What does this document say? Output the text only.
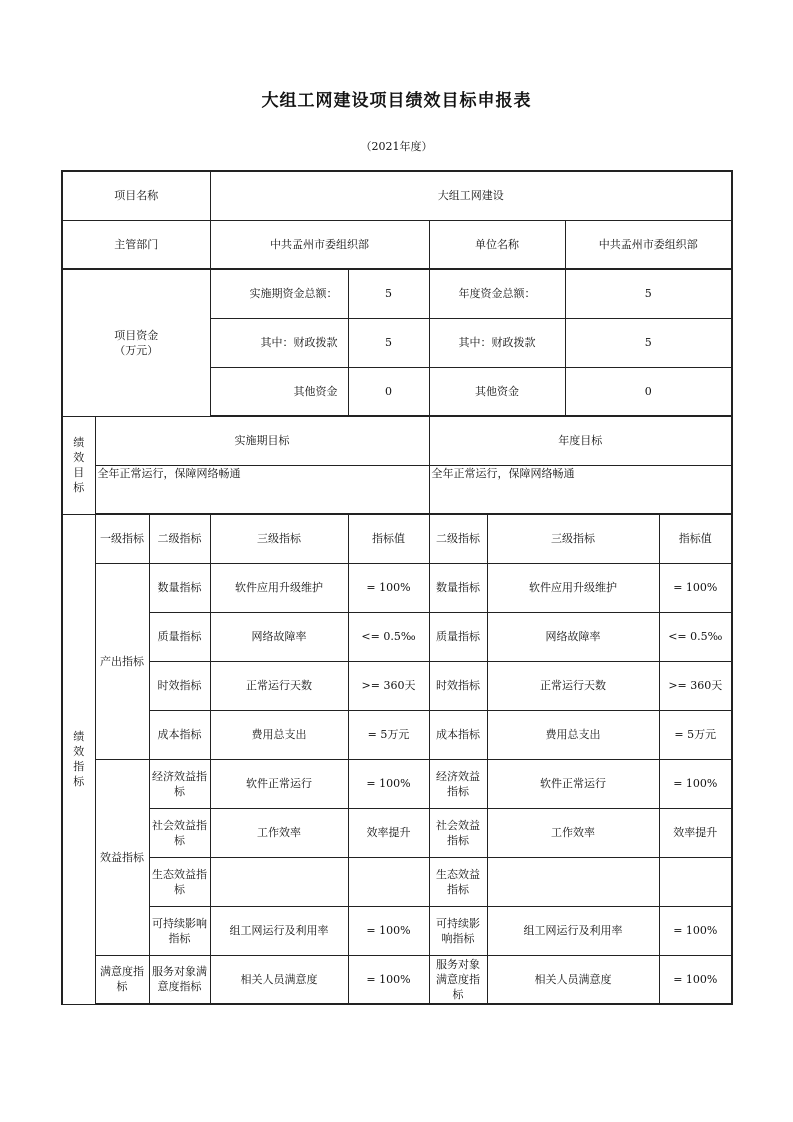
大组工网建设项目绩效目标申报表
（2021年度）
项目名称			大组工网建设					
主管部门			中共孟州市委组织部		单位名称		中共孟州市委组织部	

项目资金
（万元）			实施期资金总额：	5	年度资金总额：		5	
			其中：财政拨款	5	其中：财政拨款		5	
			其他资金	0	其他资金		0	

绩
效
目
标	实施期目标				年度目标			
	全年正常运行，保障网络畅通				全年正常运行，保障网络畅通			

绩
效
指
标	一级指标	二级指标	三级指标	指标值	二级指标	三级指标		指标值
	产出指标	数量指标	软件应用升级维护	= 100%	数量指标	软件应用升级维护		= 100%
		质量指标	网络故障率	<= 0.5‰	质量指标	网络故障率		<= 0.5‰
		时效指标	正常运行天数	>= 360天	时效指标	正常运行天数		>= 360天
		成本指标	费用总支出	= 5万元	成本指标	费用总支出		= 5万元
	效益指标	经济效益指标	软件正常运行	= 100%	经济效益指标	软件正常运行		= 100%
		社会效益指标	工作效率	效率提升	社会效益指标	工作效率		效率提升
		生态效益指标			生态效益指标			
		可持续影响指标	组工网运行及利用率	= 100%	可持续影响指标	组工网运行及利用率		= 100%
	满意度指标	服务对象满意度指标	相关人员满意度	= 100%	服务对象满意度指标	相关人员满意度		= 100%
